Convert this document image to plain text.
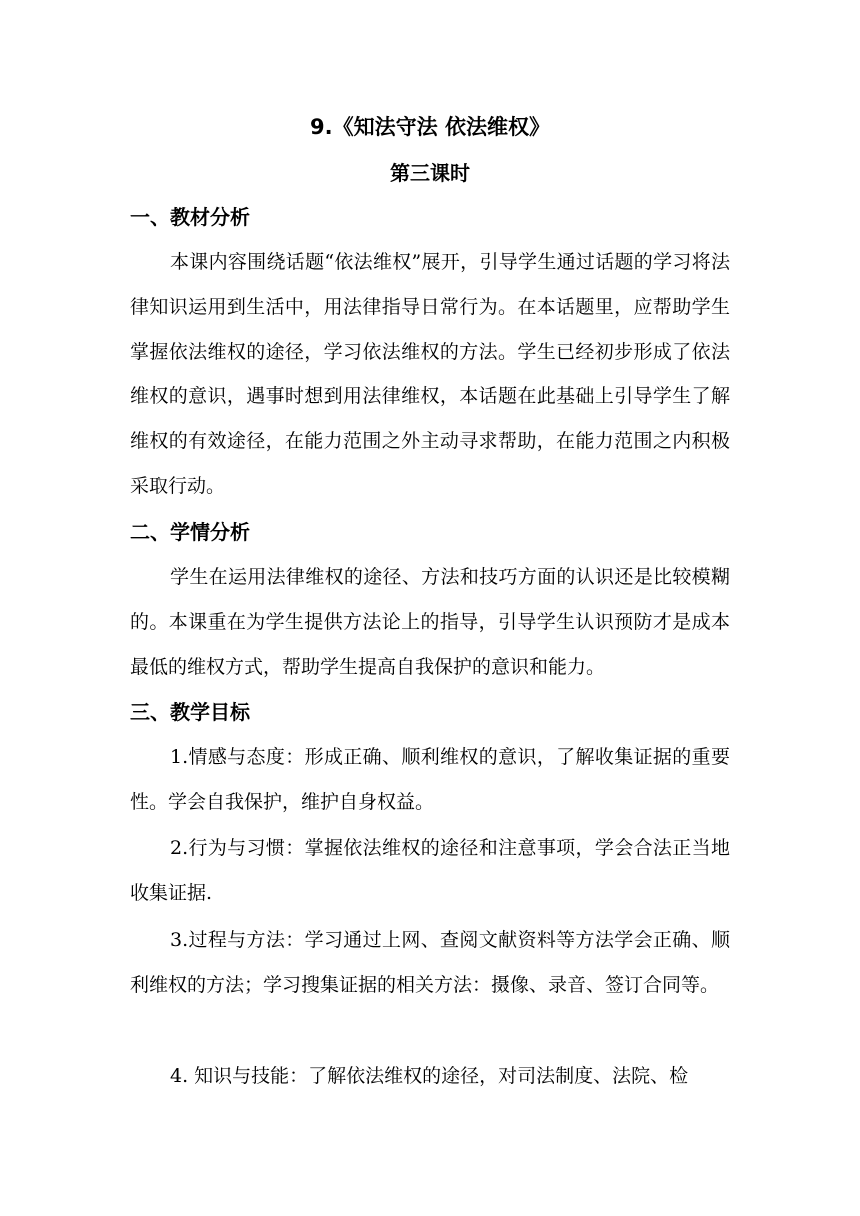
9.《知法守法 依法维权》
第三课时
一、教材分析

本课内容围绕话题“依法维权”展开，引导学生通过话题的学习将法律知识运用到生活中，用法律指导日常行为。在本话题里，应帮助学生掌握依法维权的途径，学习依法维权的方法。学生已经初步形成了依法维权的意识，遇事时想到用法律维权，本话题在此基础上引导学生了解维权的有效途径，在能力范围之外主动寻求帮助，在能力范围之内积极采取行动。

二、学情分析

学生在运用法律维权的途径、方法和技巧方面的认识还是比较模糊的。本课重在为学生提供方法论上的指导，引导学生认识预防才是成本最低的维权方式，帮助学生提高自我保护的意识和能力。

三、教学目标

1.情感与态度：形成正确、顺利维权的意识，了解收集证据的重要性。学会自我保护，维护自身权益。

2.行为与习惯：掌握依法维权的途径和注意事项，学会合法正当地收集证据.

3.过程与方法：学习通过上网、查阅文献资料等方法学会正确、顺利维权的方法；学习搜集证据的相关方法：摄像、录音、签订合同等。

4. 知识与技能：了解依法维权的途径，对司法制度、法院、检
